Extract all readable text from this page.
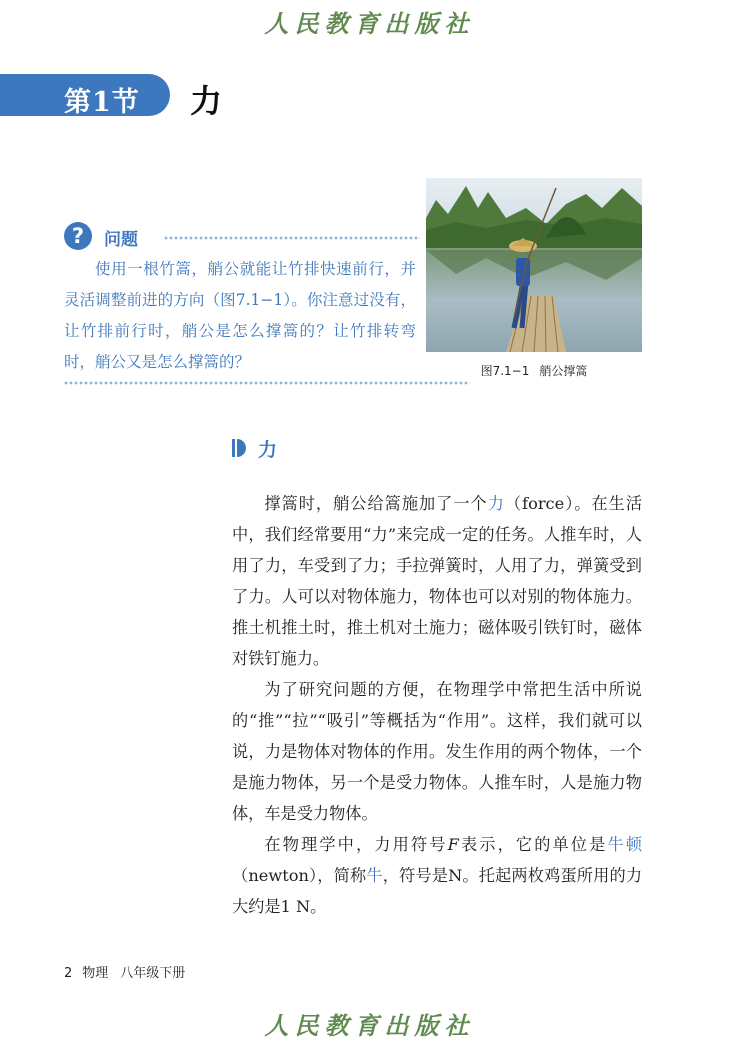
人民教育出版社
第1节 力
?	问题

使用一根竹篙，艄公就能让竹排快速前行，并灵活调整前进的方向（图7.1−1）。你注意过没有，让竹排前行时，艄公是怎么撑篙的？让竹排转弯时，艄公又是怎么撑篙的？	图7.1−1 艄公撑篙
力

撑篙时，艄公给篙施加了一个力（force）。在生活中，我们经常要用“力”来完成一定的任务。人推车时，人用了力，车受到了力；手拉弹簧时，人用了力，弹簧受到了力。人可以对物体施力，物体也可以对别的物体施力。推土机推土时，推土机对土施力；磁体吸引铁钉时，磁体对铁钉施力。

为了研究问题的方便，在物理学中常把生活中所说的“推”“拉”“吸引”等概括为“作用”。这样，我们就可以说，力是物体对物体的作用。发生作用的两个物体，一个是施力物体，另一个是受力物体。人推车时，人是施力物体，车是受力物体。

在物理学中，力用符号F表示，它的单位是牛顿（newton），简称牛，符号是N。托起两枚鸡蛋所用的力大约是1 N。

2 物理 八年级下册
人民教育出版社
